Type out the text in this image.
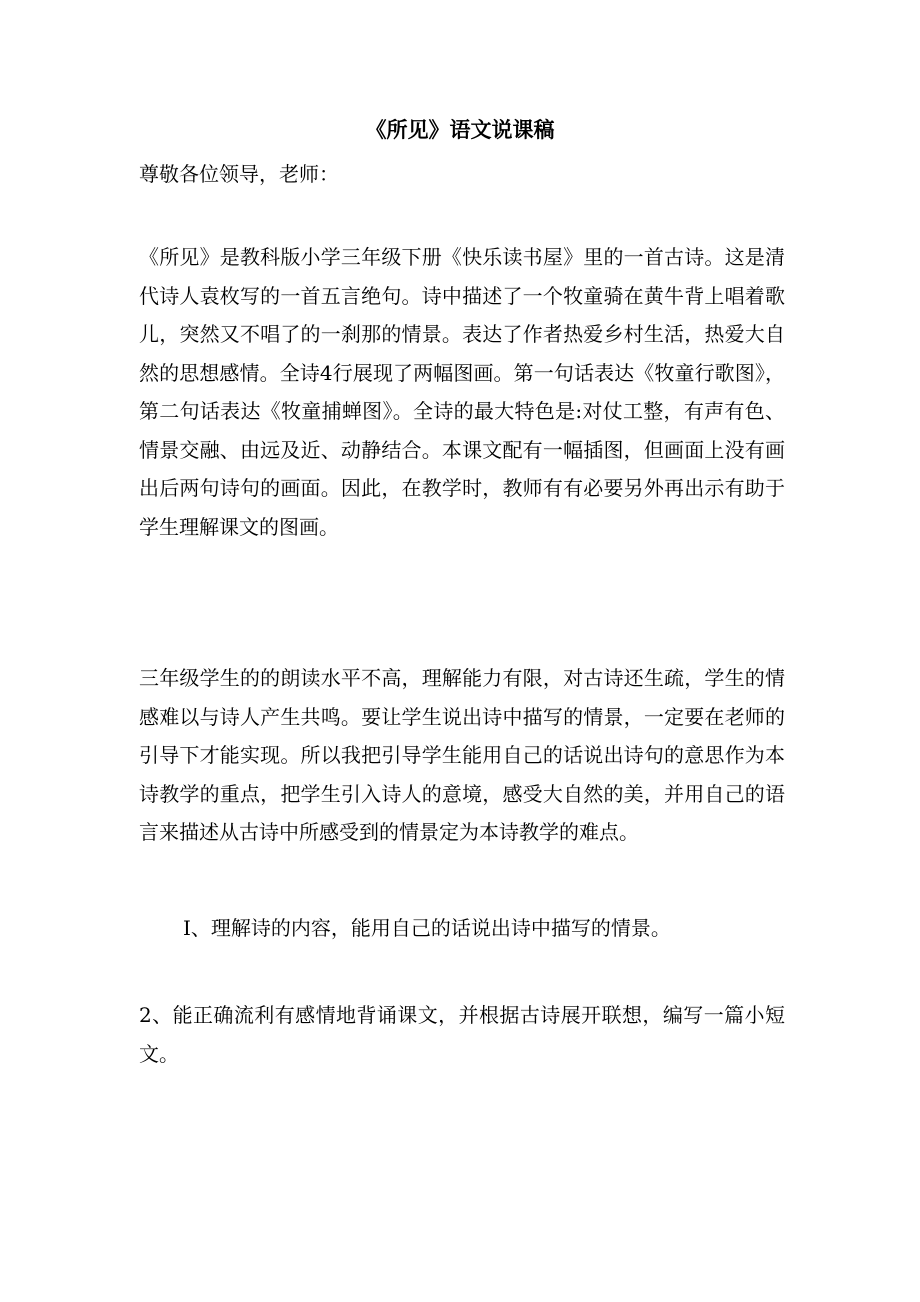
《所见》语文说课稿

尊敬各位领导，老师：

《所见》是教科版小学三年级下册《快乐读书屋》里的一首古诗。这是清代诗人袁枚写的一首五言绝句。诗中描述了一个牧童骑在黄牛背上唱着歌儿，突然又不唱了的一刹那的情景。表达了作者热爱乡村生活，热爱大自然的思想感情。全诗4行展现了两幅图画。第一句话表达《牧童行歌图》，第二句话表达《牧童捕蝉图》。全诗的最大特色是:对仗工整，有声有色、情景交融、由远及近、动静结合。本课文配有一幅插图，但画面上没有画出后两句诗句的画面。因此，在教学时，教师有有必要另外再出示有助于学生理解课文的图画。

三年级学生的的朗读水平不高，理解能力有限，对古诗还生疏，学生的情感难以与诗人产生共鸣。要让学生说出诗中描写的情景，一定要在老师的引导下才能实现。所以我把引导学生能用自己的话说出诗句的意思作为本诗教学的重点，把学生引入诗人的意境，感受大自然的美，并用自己的语言来描述从古诗中所感受到的情景定为本诗教学的难点。

I、理解诗的内容，能用自己的话说出诗中描写的情景。

2、能正确流利有感情地背诵课文，并根据古诗展开联想，编写一篇小短文。
